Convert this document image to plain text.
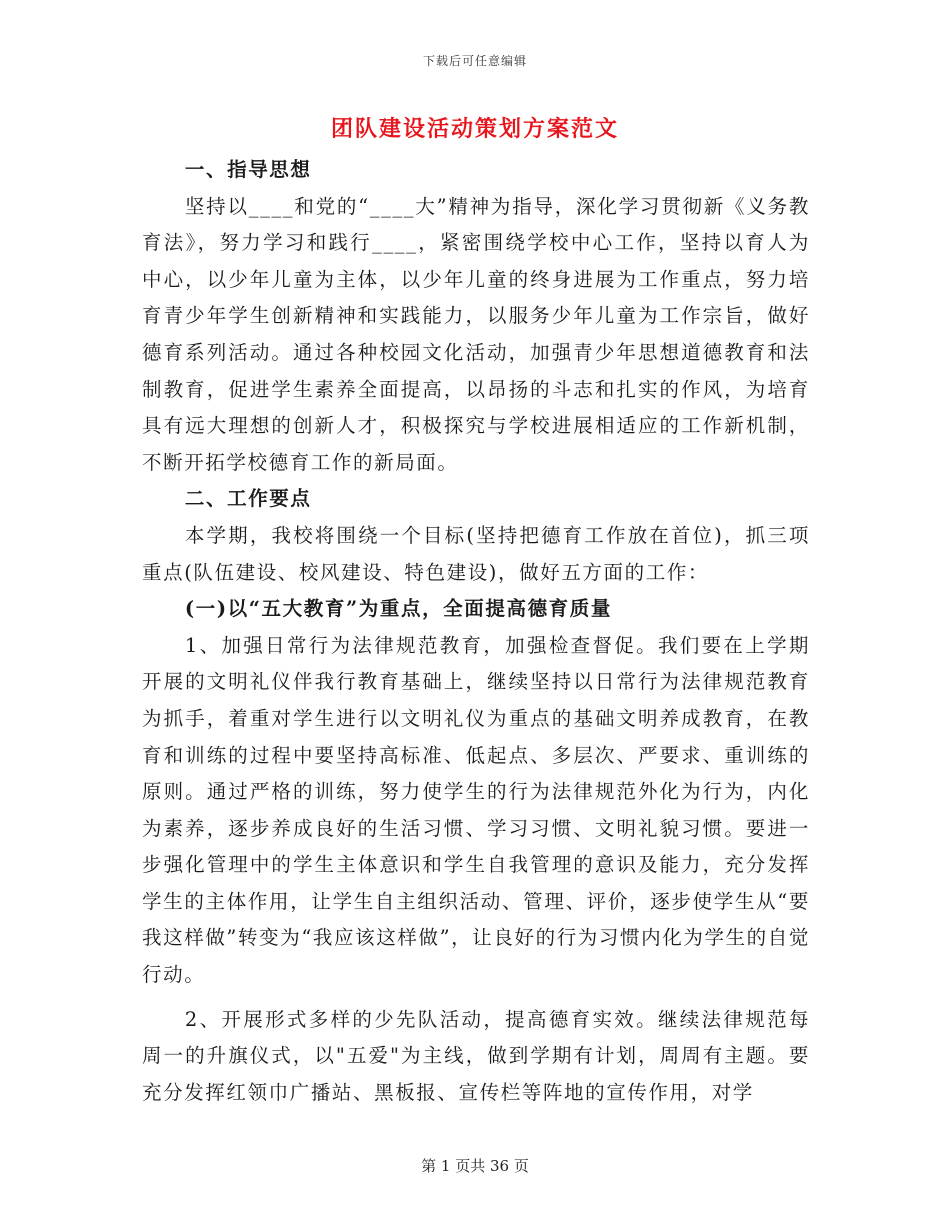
下载后可任意编辑
团队建设活动策划方案范文
一、指导思想

坚持以____和党的“____大”精神为指导，深化学习贯彻新《义务教育法》，努力学习和践行____，紧密围绕学校中心工作，坚持以育人为中心，以少年儿童为主体，以少年儿童的终身进展为工作重点，努力培育青少年学生创新精神和实践能力，以服务少年儿童为工作宗旨，做好德育系列活动。通过各种校园文化活动，加强青少年思想道德教育和法制教育，促进学生素养全面提高，以昂扬的斗志和扎实的作风，为培育具有远大理想的创新人才，积极探究与学校进展相适应的工作新机制，不断开拓学校德育工作的新局面。

二、工作要点

本学期，我校将围绕一个目标(坚持把德育工作放在首位)，抓三项重点(队伍建设、校风建设、特色建设)，做好五方面的工作：

(一)以“五大教育”为重点，全面提高德育质量

1、加强日常行为法律规范教育，加强检查督促。我们要在上学期开展的文明礼仪伴我行教育基础上，继续坚持以日常行为法律规范教育为抓手，着重对学生进行以文明礼仪为重点的基础文明养成教育，在教育和训练的过程中要坚持高标准、低起点、多层次、严要求、重训练的原则。通过严格的训练，努力使学生的行为法律规范外化为行为，内化为素养，逐步养成良好的生活习惯、学习习惯、文明礼貌习惯。要进一步强化管理中的学生主体意识和学生自我管理的意识及能力，充分发挥学生的主体作用，让学生自主组织活动、管理、评价，逐步使学生从“要我这样做”转变为“我应该这样做”，让良好的行为习惯内化为学生的自觉行动。

2、开展形式多样的少先队活动，提高德育实效。继续法律规范每周一的升旗仪式，以"五爱"为主线，做到学期有计划，周周有主题。要充分发挥红领巾广播站、黑板报、宣传栏等阵地的宣传作用，对学

第 1 页共 36 页
